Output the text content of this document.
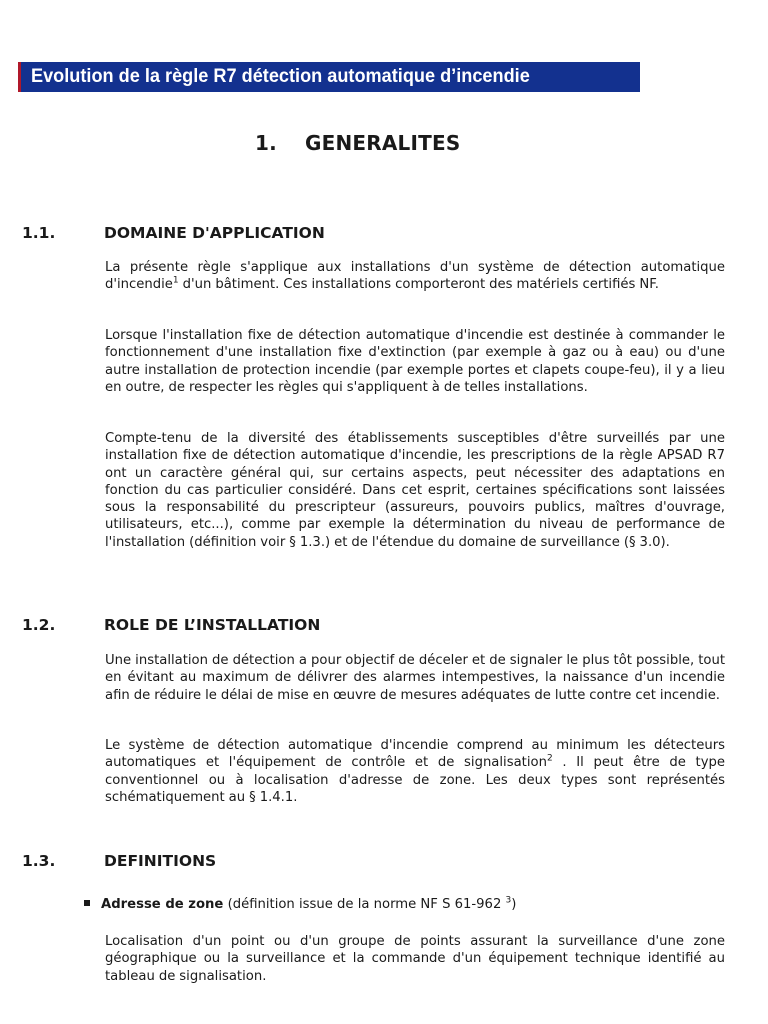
Evolution de la règle R7 détection automatique d’incendie
1. GENERALITES
1.1.	DOMAINE D'APPLICATION

La présente règle s'applique aux installations d'un système de détection automatique d'incendie$^1$ d'un bâtiment. Ces installations comporteront des matériels certifiés NF.

Lorsque l'installation fixe de détection automatique d'incendie est destinée à commander le fonctionnement d'une installation fixe d'extinction (par exemple à gaz ou à eau) ou d'une autre installation de protection incendie (par exemple portes et clapets coupe-feu), il y a lieu en outre, de respecter les règles qui s'appliquent à de telles installations.

Compte-tenu de la diversité des établissements susceptibles d'être surveillés par une installation fixe de détection automatique d'incendie, les prescriptions de la règle APSAD R7 ont un caractère général qui, sur certains aspects, peut nécessiter des adaptations en fonction du cas particulier considéré. Dans cet esprit, certaines spécifications sont laissées sous la responsabilité du prescripteur (assureurs, pouvoirs publics, maîtres d'ouvrage, utilisateurs, etc...), comme par exemple la détermination du niveau de performance de l'installation (définition voir § 1.3.) et de l'étendue du domaine de surveillance (§ 3.0).

1.2.	ROLE DE L’INSTALLATION

Une installation de détection a pour objectif de déceler et de signaler le plus tôt possible, tout en évitant au maximum de délivrer des alarmes intempestives, la naissance d'un incendie afin de réduire le délai de mise en œuvre de mesures adéquates de lutte contre cet incendie.

Le système de détection automatique d'incendie comprend au minimum les détecteurs automatiques et l'équipement de contrôle et de signalisation$^2$ . Il peut être de type conventionnel ou à localisation d'adresse de zone. Les deux types sont représentés schématiquement au § 1.4.1.

1.3.	DEFINITIONS
Adresse de zone (définition issue de la norme NF S 61-962 $^3$)

Localisation d'un point ou d'un groupe de points assurant la surveillance d'une zone géographique ou la surveillance et la commande d'un équipement technique identifié au tableau de signalisation.
